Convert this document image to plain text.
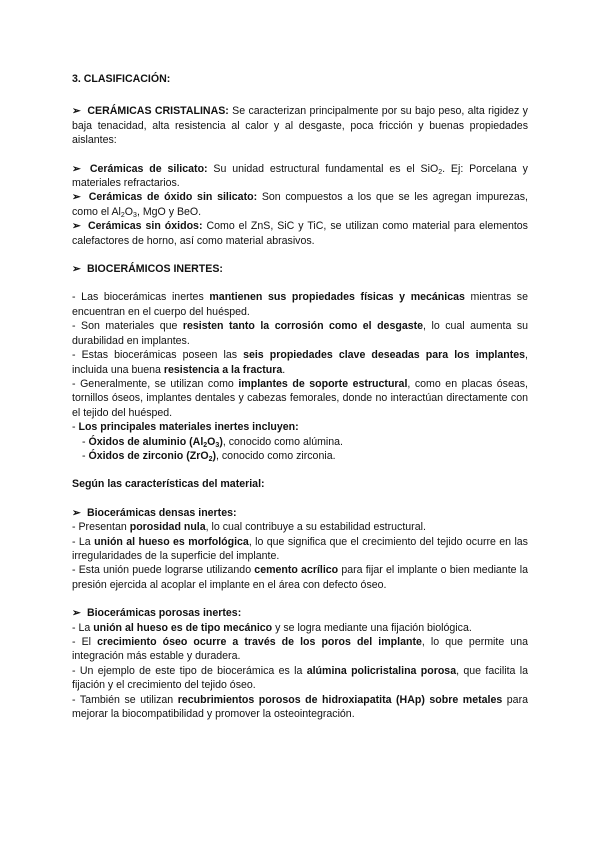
3. CLASIFICACIÓN:

➢ CERÁMICAS CRISTALINAS: Se caracterizan principalmente por su bajo peso, alta rigidez y baja tenacidad, alta resistencia al calor y al desgaste, poca fricción y buenas propiedades aislantes:

➢ Cerámicas de silicato: Su unidad estructural fundamental es el SiO$_2$. Ej: Porcelana y materiales refractarios.

➢ Cerámicas de óxido sin silicato: Son compuestos a los que se les agregan impurezas, como el $Al_2O_3$, MgO y BeO.

➢ Cerámicas sin óxidos: Como el ZnS, SiC y TiC, se utilizan como material para elementos calefactores de horno, así como material abrasivos.

➢ BIOCERÁMICOS INERTES:

- Las biocerámicas inertes mantienen sus propiedades físicas y mecánicas mientras se encuentran en el cuerpo del huésped.

- Son materiales que resisten tanto la corrosión como el desgaste, lo cual aumenta su durabilidad en implantes.

- Estas biocerámicas poseen las seis propiedades clave deseadas para los implantes, incluida una buena resistencia a la fractura.

- Generalmente, se utilizan como implantes de soporte estructural, como en placas óseas, tornillos óseos, implantes dentales y cabezas femorales, donde no interactúan directamente con el tejido del huésped.

- Los principales materiales inertes incluyen:

- Óxidos de aluminio $(Al_2O_3)$, conocido como alúmina.

- Óxidos de zirconio (ZrO$_2$), conocido como zirconia.

Según las características del material:

➢ Biocerámicas densas inertes:

- Presentan porosidad nula, lo cual contribuye a su estabilidad estructural.

- La unión al hueso es morfológica, lo que significa que el crecimiento del tejido ocurre en las irregularidades de la superficie del implante.

- Esta unión puede lograrse utilizando cemento acrílico para fijar el implante o bien mediante la presión ejercida al acoplar el implante en el área con defecto óseo.

➢ Biocerámicas porosas inertes:

- La unión al hueso es de tipo mecánico y se logra mediante una fijación biológica.

- El crecimiento óseo ocurre a través de los poros del implante, lo que permite una integración más estable y duradera.

- Un ejemplo de este tipo de biocerámica es la alúmina policristalina porosa, que facilita la fijación y el crecimiento del tejido óseo.

- También se utilizan recubrimientos porosos de hidroxiapatita (HAp) sobre metales para mejorar la biocompatibilidad y promover la osteointegración.
